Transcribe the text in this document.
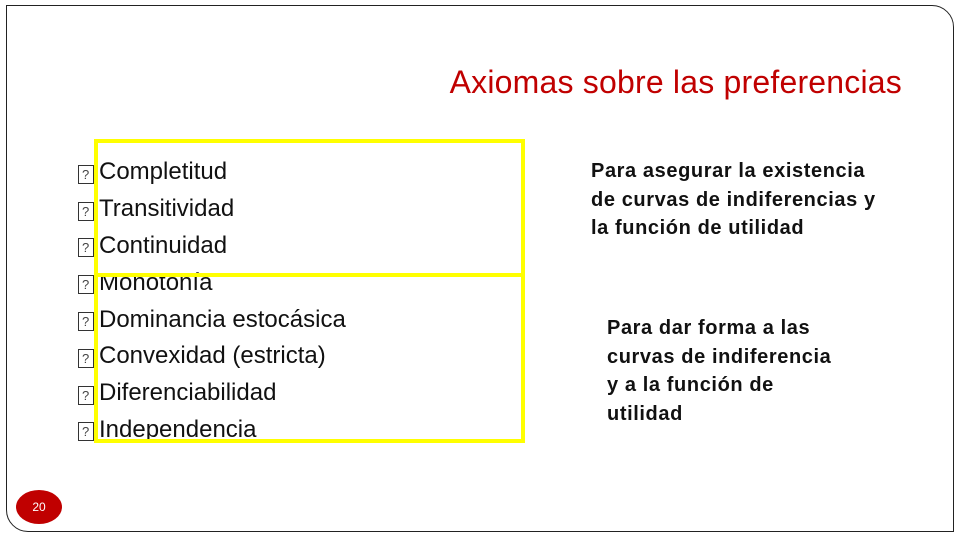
Axiomas sobre las preferencias
?
Completitud
?
Transitividad
?
Continuidad
?
Monotonía
?
Dominancia estocásica
?
Convexidad (estricta)
?
Diferenciabilidad
?
Independencia
Para asegurar la existencia de curvas de indiferencias y la función de utilidad
Para dar forma a las curvas de indiferencia y a la función de utilidad
20
